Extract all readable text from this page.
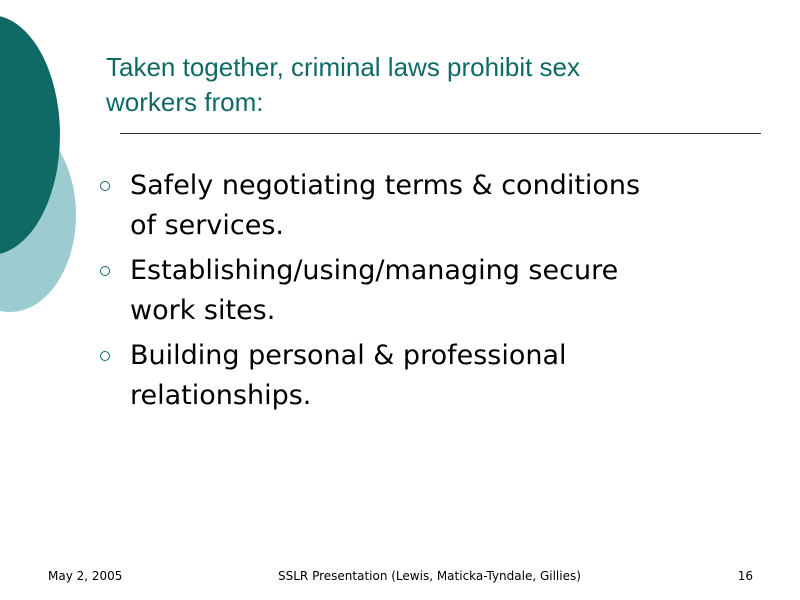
Taken together, criminal laws prohibit sex
workers from:
Safely negotiating terms & conditions
of services.
Establishing/using/managing secure
work sites.
Building personal & professional
relationships.
May 2, 2005	SSLR Presentation (Lewis, Maticka-Tyndale, Gillies)	16
